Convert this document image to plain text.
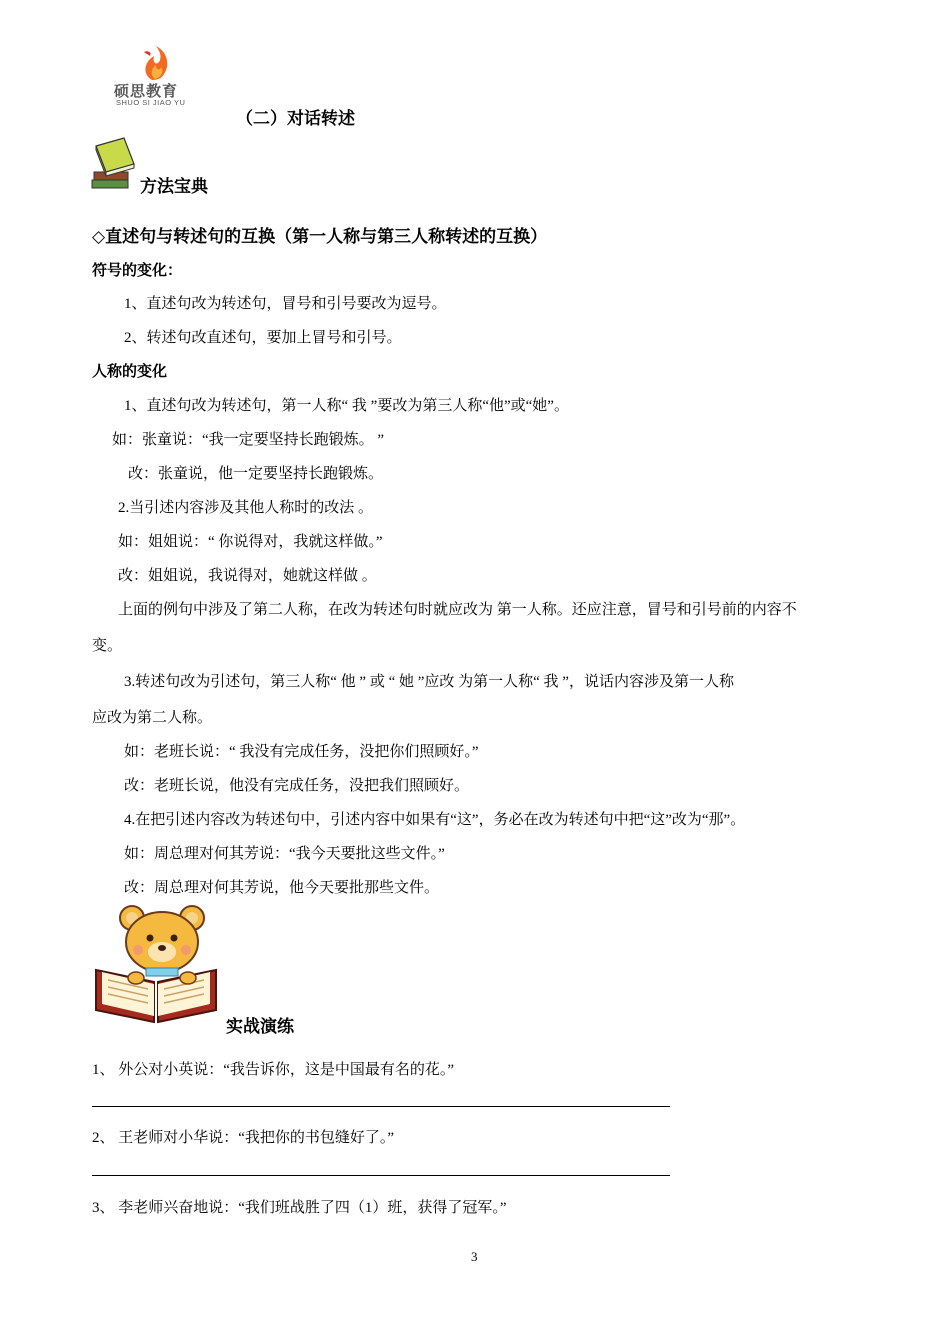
硕思教育
SHUO SI JIAO YU
（二）对话转述
方法宝典
◇直述句与转述句的互换（第一人称与第三人称转述的互换）
符号的变化：
1、直述句改为转述句，冒号和引号要改为逗号。
2、转述句改直述句，要加上冒号和引号。
人称的变化
1、直述句改为转述句，第一人称“ 我 ”要改为第三人称“他”或“她”。
如：张童说：“我一定要坚持长跑锻炼。 ”
改：张童说，他一定要坚持长跑锻炼。
2.当引述内容涉及其他人称时的改法 。
如：姐姐说：“ 你说得对，我就这样做。”
改：姐姐说，我说得对，她就这样做 。
上面的例句中涉及了第二人称，在改为转述句时就应改为 第一人称。还应注意，冒号和引号前的内容不
变。
3.转述句改为引述句，第三人称“ 他 ” 或 “ 她 ”应改 为第一人称“ 我 ”，说话内容涉及第一人称
应改为第二人称。
如：老班长说：“ 我没有完成任务，没把你们照顾好。”
改：老班长说，他没有完成任务，没把我们照顾好。
4.在把引述内容改为转述句中，引述内容中如果有“这”，务必在改为转述句中把“这”改为“那”。
如：周总理对何其芳说：“我今天要批这些文件。”
改：周总理对何其芳说，他今天要批那些文件。
实战演练
1、 外公对小英说：“我告诉你，这是中国最有名的花。”
2、 王老师对小华说：“我把你的书包缝好了。”
3、 李老师兴奋地说：“我们班战胜了四（1）班，获得了冠军。”
3
